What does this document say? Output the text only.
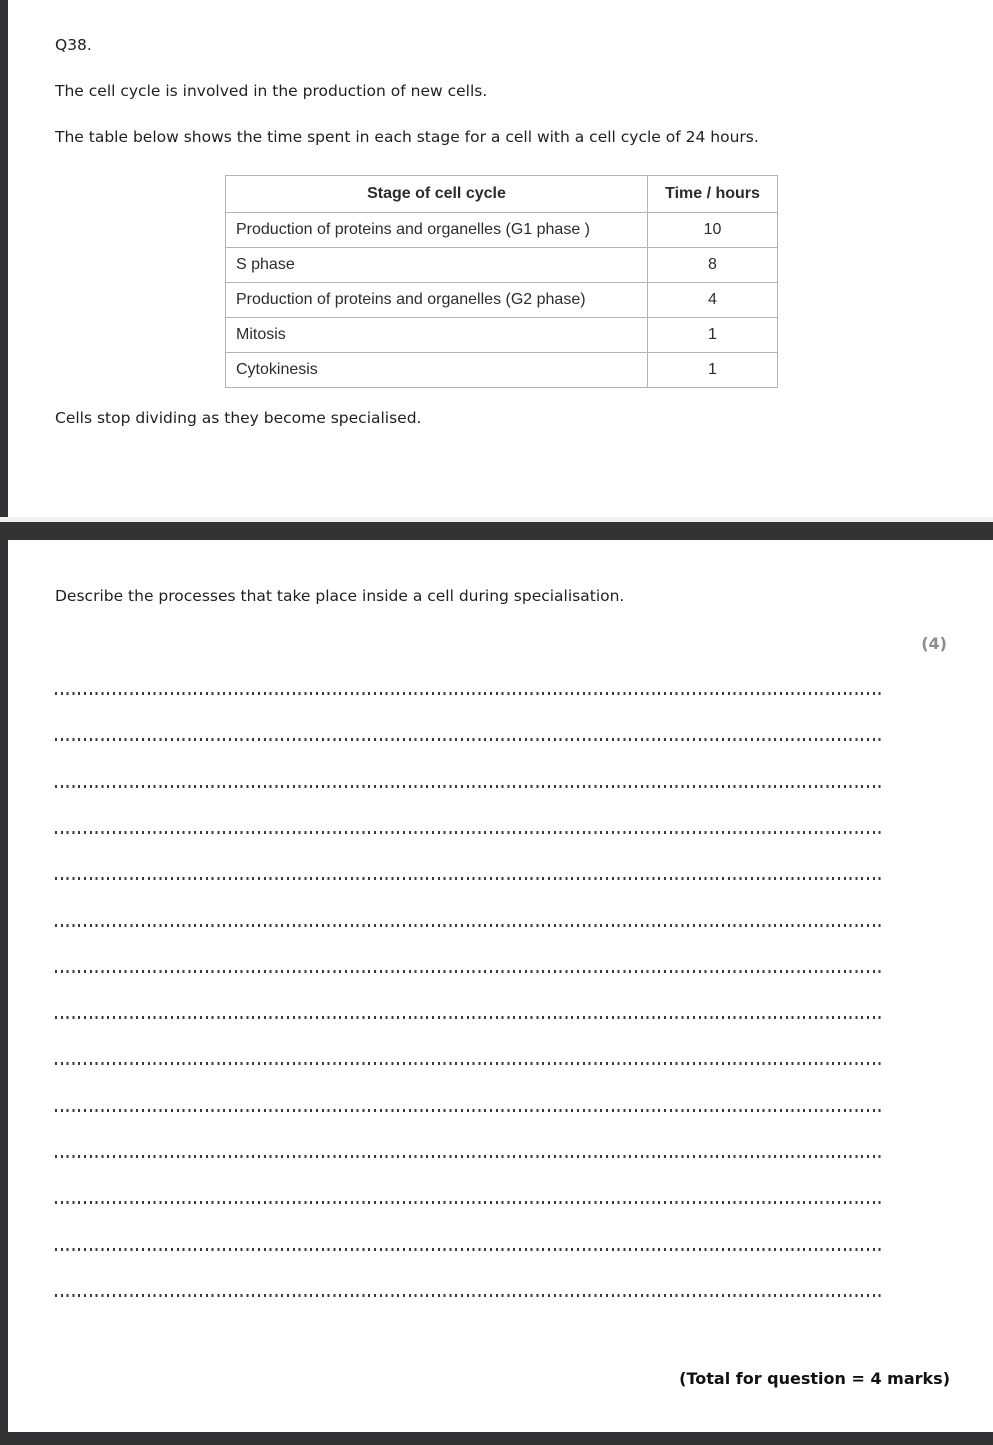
Q38.
The cell cycle is involved in the production of new cells.
The table below shows the time spent in each stage for a cell with a cell cycle of 24 hours.
Stage of cell cycle	Time / hours
Production of proteins and organelles (G1 phase )	10
S phase	8
Production of proteins and organelles (G2 phase)	4
Mitosis	1
Cytokinesis	1
Cells stop dividing as they become specialised.
Describe the processes that take place inside a cell during specialisation.
(4)
(Total for question = 4 marks)
